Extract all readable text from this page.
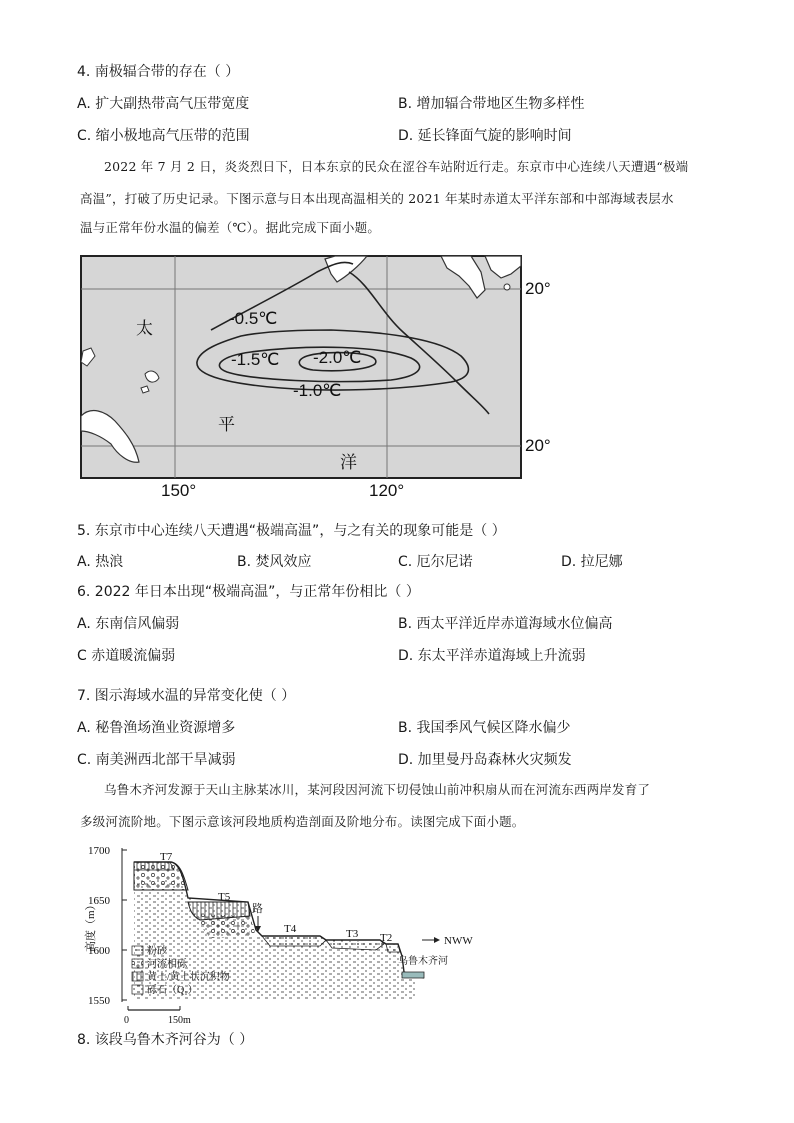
4. 南极辐合带的存在（ ）
A. 扩大副热带高气压带宽度	B. 增加辐合带地区生物多样性
C. 缩小极地高气压带的范围	D. 延长锋面气旋的影响时间
2022 年 7 月 2 日，炎炎烈日下，日本东京的民众在涩谷车站附近行走。东京市中心连续八天遭遇“极端
高温”，打破了历史记录。下图示意与日本出现高温相关的 2021 年某时赤道太平洋东部和中部海域表层水
温与正常年份水温的偏差（℃）。据此完成下面小题。
-0.5℃
-1.5℃ -2.0℃
-1.0℃
太
平
洋
20°
20°
150°	120°
5. 东京市中心连续八天遭遇“极端高温”，与之有关的现象可能是（ ）
A. 热浪	B. 焚风效应	C. 厄尔尼诺	D. 拉尼娜
6. 2022 年日本出现“极端高温”，与正常年份相比（ ）
A. 东南信风偏弱	B. 西太平洋近岸赤道海域水位偏高
C 赤道暖流偏弱	D. 东太平洋赤道海域上升流弱
7. 图示海域水温的异常变化使（ ）
A. 秘鲁渔场渔业资源增多	B. 我国季风气候区降水偏少
C. 南美洲西北部干旱减弱	D. 加里曼丹岛森林火灾频发
乌鲁木齐河发源于天山主脉某冰川，某河段因河流下切侵蚀山前冲积扇从而在河流东西两岸发育了
多级河流阶地。下图示意该河段地质构造剖面及阶地分布。读图完成下面小题。
1700
1650
1600
1550
高度（m）
T7
T5
T4	T3 T2
路
NWW
乌鲁木齐河
粉砂
河流相砾
黄土/黄土状沉积物
砾石（Q₁）
0	150m
8. 该段乌鲁木齐河谷为（ ）
